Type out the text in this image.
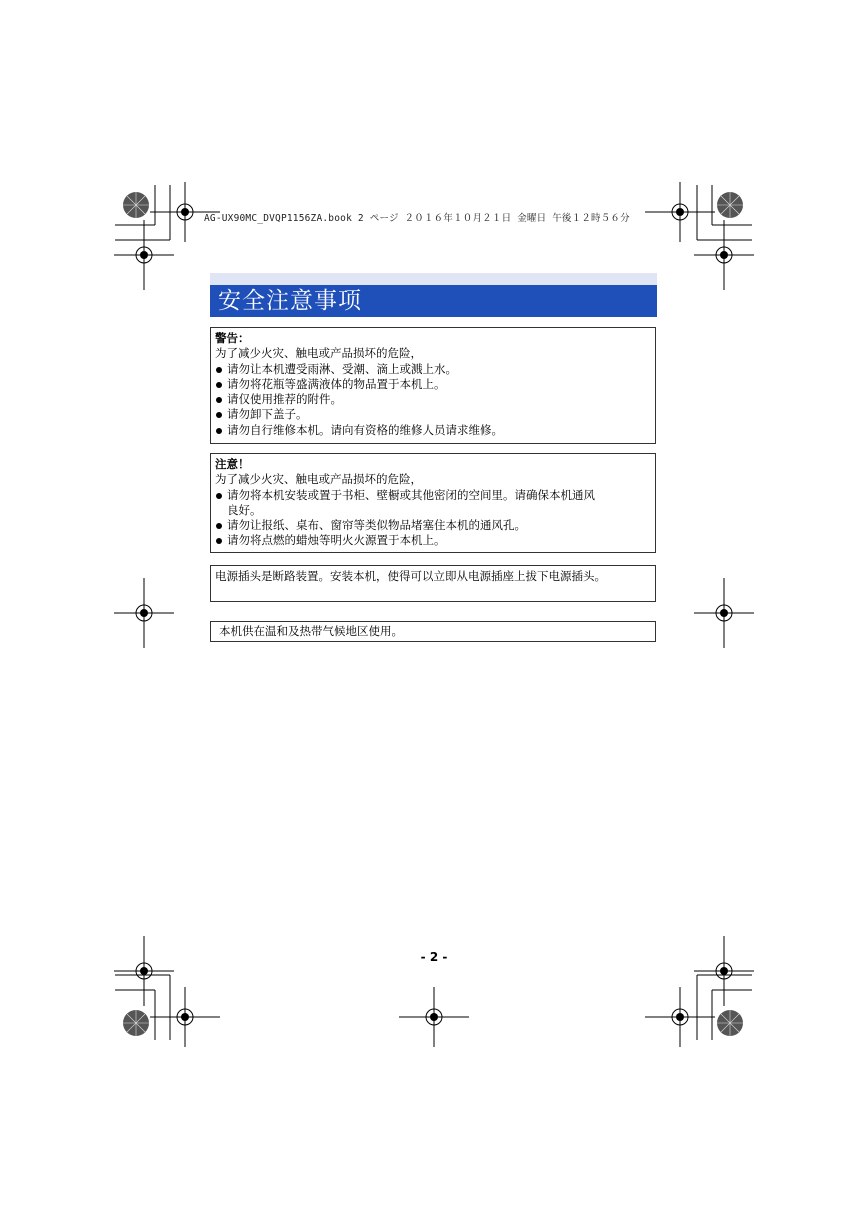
AG-UX90MC_DVQP1156ZA.book 2 ページ ２０１６年１０月２１日 金曜日 午後１２時５６分
安全注意事项
警告：
为了减少火灾、触电或产品损坏的危险，
请勿让本机遭受雨淋、受潮、滴上或溅上水。
请勿将花瓶等盛满液体的物品置于本机上。
请仅使用推荐的附件。
请勿卸下盖子。
请勿自行维修本机。请向有资格的维修人员请求维修。
注意！
为了减少火灾、触电或产品损坏的危险，
请勿将本机安装或置于书柜、壁橱或其他密闭的空间里。请确保本机通风
良好。
请勿让报纸、桌布、窗帘等类似物品堵塞住本机的通风孔。
请勿将点燃的蜡烛等明火火源置于本机上。
电源插头是断路装置。安装本机，使得可以立即从电源插座上拔下电源插头。
本机供在温和及热带气候地区使用。
- 2 -
